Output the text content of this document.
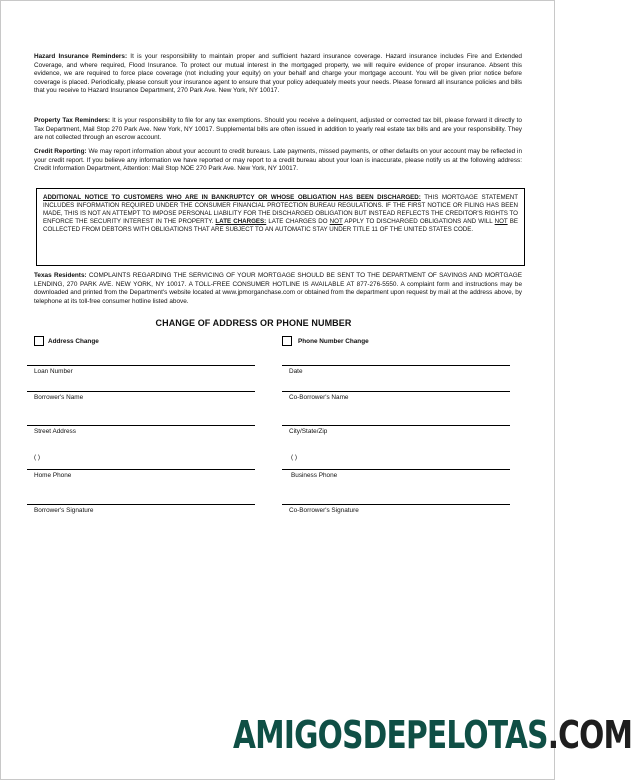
Hazard Insurance Reminders: It is your responsibility to maintain proper and sufficient hazard insurance coverage. Hazard insurance includes Fire and Extended Coverage, and where required, Flood Insurance. To protect our mutual interest in the mortgaged property, we will require evidence of proper insurance. Absent this evidence, we are required to force place coverage (not including your equity) on your behalf and charge your mortgage account. You will be given prior notice before coverage is placed. Periodically, please consult your insurance agent to ensure that your policy adequately meets your needs. Please forward all insurance policies and bills that you receive to Hazard Insurance Department, 270 Park Ave. New York, NY 10017.
Property Tax Reminders: It is your responsibility to file for any tax exemptions. Should you receive a delinquent, adjusted or corrected tax bill, please forward it directly to Tax Department, Mail Stop 270 Park Ave. New York, NY 10017. Supplemental bills are often issued in addition to yearly real estate tax bills and are your responsibility. They are not collected through an escrow account.
Credit Reporting: We may report information about your account to credit bureaus. Late payments, missed payments, or other defaults on your account may be reflected in your credit report. If you believe any information we have reported or may report to a credit bureau about your loan is inaccurate, please notify us at the following address: Credit Information Department, Attention: Mail Stop NOE 270 Park Ave. New York, NY 10017.
ADDITIONAL NOTICE TO CUSTOMERS WHO ARE IN BANKRUPTCY OR WHOSE OBLIGATION HAS BEEN DISCHARGED: THIS MORTGAGE STATEMENT INCLUDES INFORMATION REQUIRED UNDER THE CONSUMER FINANCIAL PROTECTION BUREAU REGULATIONS. IF THE FIRST NOTICE OR FILING HAS BEEN MADE, THIS IS NOT AN ATTEMPT TO IMPOSE PERSONAL LIABILITY FOR THE DISCHARGED OBLIGATION BUT INSTEAD REFLECTS THE CREDITOR'S RIGHTS TO ENFORCE THE SECURITY INTEREST IN THE PROPERTY. LATE CHARGES: LATE CHARGES DO NOT APPLY TO DISCHARGED OBLIGATIONS AND WILL NOT BE COLLECTED FROM DEBTORS WITH OBLIGATIONS THAT ARE SUBJECT TO AN AUTOMATIC STAY UNDER TITLE 11 OF THE UNITED STATES CODE.
Texas Residents: COMPLAINTS REGARDING THE SERVICING OF YOUR MORTGAGE SHOULD BE SENT TO THE DEPARTMENT OF SAVINGS AND MORTGAGE LENDING, 270 PARK AVE. NEW YORK, NY 10017. A TOLL-FREE CONSUMER HOTLINE IS AVAILABLE AT 877-276-5550. A complaint form and instructions may be downloaded and printed from the Department's website located at www.jpmorganchase.com or obtained from the department upon request by mail at the address above, by telephone at its toll-free consumer hotline listed above.
CHANGE OF ADDRESS OR PHONE NUMBER
Address Change	Phone Number Change
Loan Number	Date
Borrower's Name	Co-Borrower's Name
Street Address	City/State/Zip
( )	( )
Home Phone	Business Phone
Borrower's Signature	Co-Borrower's Signature
AMIGOSDEPELOTAS.COM
